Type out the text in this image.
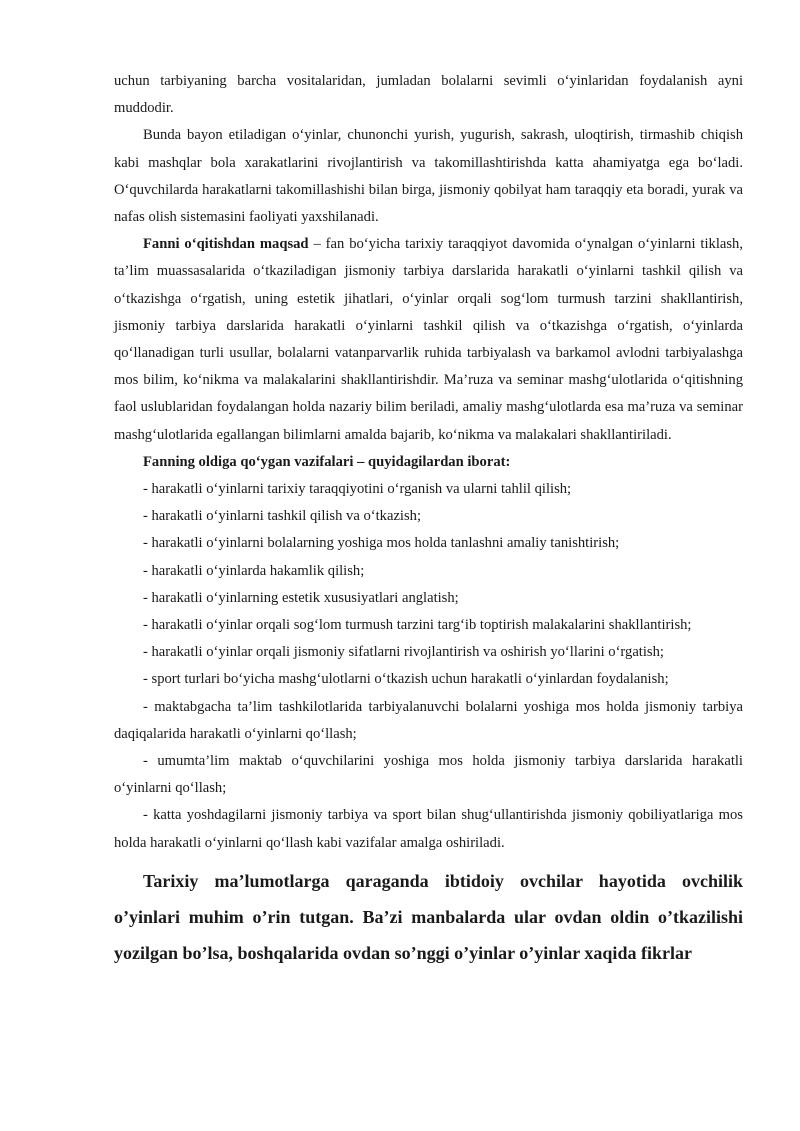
uchun tarbiyaning barcha vositalaridan, jumladan bolalarni sevimli o‘yinlaridan foydalanish ayni muddodir.

Bunda bayon etiladigan o‘yinlar, chunonchi yurish, yugurish, sakrash, uloqtirish, tirmashib chiqish kabi mashqlar bola xarakatlarini rivojlantirish va takomillashtirishda katta ahamiyatga ega bo‘ladi. O‘quvchilarda harakatlarni takomillashishi bilan birga, jismoniy qobilyat ham taraqqiy eta boradi, yurak va nafas olish sistemasini faoliyati yaxshilanadi.

Fanni o‘qitishdan maqsad – fan bo‘yicha tarixiy taraqqiyot davomida o‘ynalgan o‘yinlarni tiklash, ta’lim muassasalarida o‘tkaziladigan jismoniy tarbiya darslarida harakatli o‘yinlarni tashkil qilish va o‘tkazishga o‘rgatish, uning estetik jihatlari, o‘yinlar orqali sog‘lom turmush tarzini shakllantirish, jismoniy tarbiya darslarida harakatli o‘yinlarni tashkil qilish va o‘tkazishga o‘rgatish, o‘yinlarda qo‘llanadigan turli usullar, bolalarni vatanparvarlik ruhida tarbiyalash va barkamol avlodni tarbiyalashga mos bilim, ko‘nikma va malakalarini shakllantirishdir. Ma’ruza va seminar mashg‘ulotlarida o‘qitishning faol uslublaridan foydalangan holda nazariy bilim beriladi, amaliy mashg‘ulotlarda esa ma’ruza va seminar mashg‘ulotlarida egallangan bilimlarni amalda bajarib, ko‘nikma va malakalari shakllantiriladi.

Fanning oldiga qo‘ygan vazifalari – quyidagilardan iborat:

- harakatli o‘yinlarni tarixiy taraqqiyotini o‘rganish va ularni tahlil qilish;

- harakatli o‘yinlarni tashkil qilish va o‘tkazish;

- harakatli o‘yinlarni bolalarning yoshiga mos holda tanlashni amaliy tanishtirish;

- harakatli o‘yinlarda hakamlik qilish;

- harakatli o‘yinlarning estetik xususiyatlari anglatish;

- harakatli o‘yinlar orqali sog‘lom turmush tarzini targ‘ib toptirish malakalarini shakllantirish;

- harakatli o‘yinlar orqali jismoniy sifatlarni rivojlantirish va oshirish yo‘llarini o‘rgatish;

- sport turlari bo‘yicha mashg‘ulotlarni o‘tkazish uchun harakatli o‘yinlardan foydalanish;

- maktabgacha ta’lim tashkilotlarida tarbiyalanuvchi bolalarni yoshiga mos holda jismoniy tarbiya daqiqalarida harakatli o‘yinlarni qo‘llash;

- umumta’lim maktab o‘quvchilarini yoshiga mos holda jismoniy tarbiya darslarida harakatli o‘yinlarni qo‘llash;

- katta yoshdagilarni jismoniy tarbiya va sport bilan shug‘ullantirishda jismoniy qobiliyatlariga mos holda harakatli o‘yinlarni qo‘llash kabi vazifalar amalga oshiriladi.

Tarixiy ma’lumotlarga qaraganda ibtidoiy ovchilar hayotida ovchilik o’yinlari muhim o’rin tutgan. Ba’zi manbalarda ular ovdan oldin o’tkazilishi yozilgan bo’lsa, boshqalarida ovdan so’nggi o’yinlar o’yinlar xaqida fikrlar
